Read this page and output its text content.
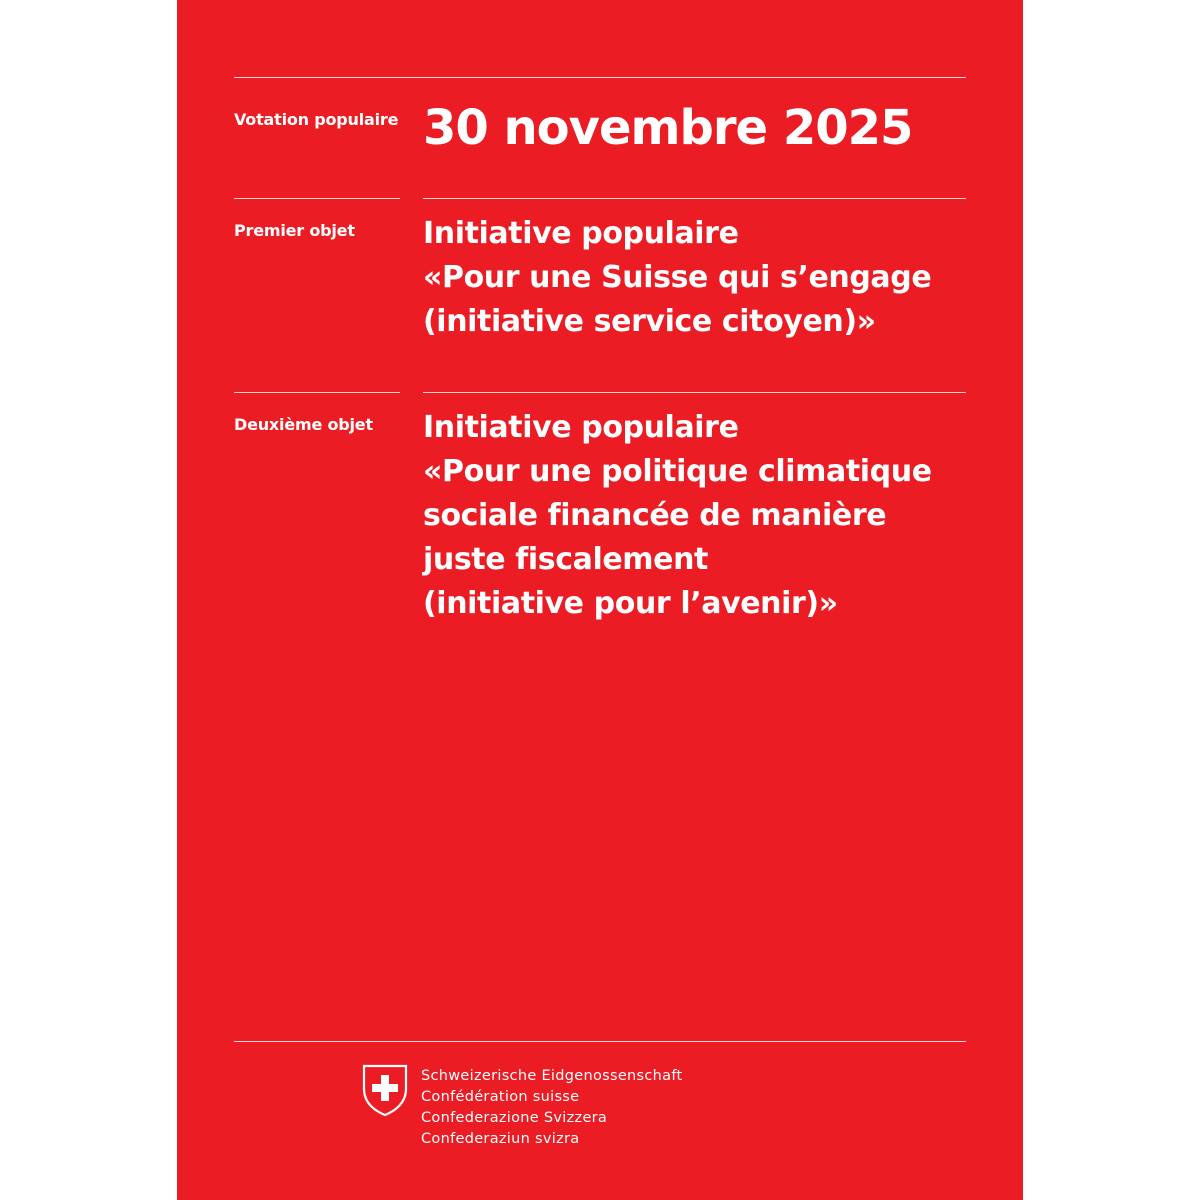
Votation populaire 30 novembre 2025
Premier objet Initiative populaire
«Pour une Suisse qui s’engage
(initiative service citoyen)»
Deuxième objet Initiative populaire
«Pour une politique climatique
sociale financée de manière
juste fiscalement
(initiative pour l’avenir)»
Schweizerische Eidgenossenschaft
Confédération suisse
Confederazione Svizzera
Confederaziun svizra
